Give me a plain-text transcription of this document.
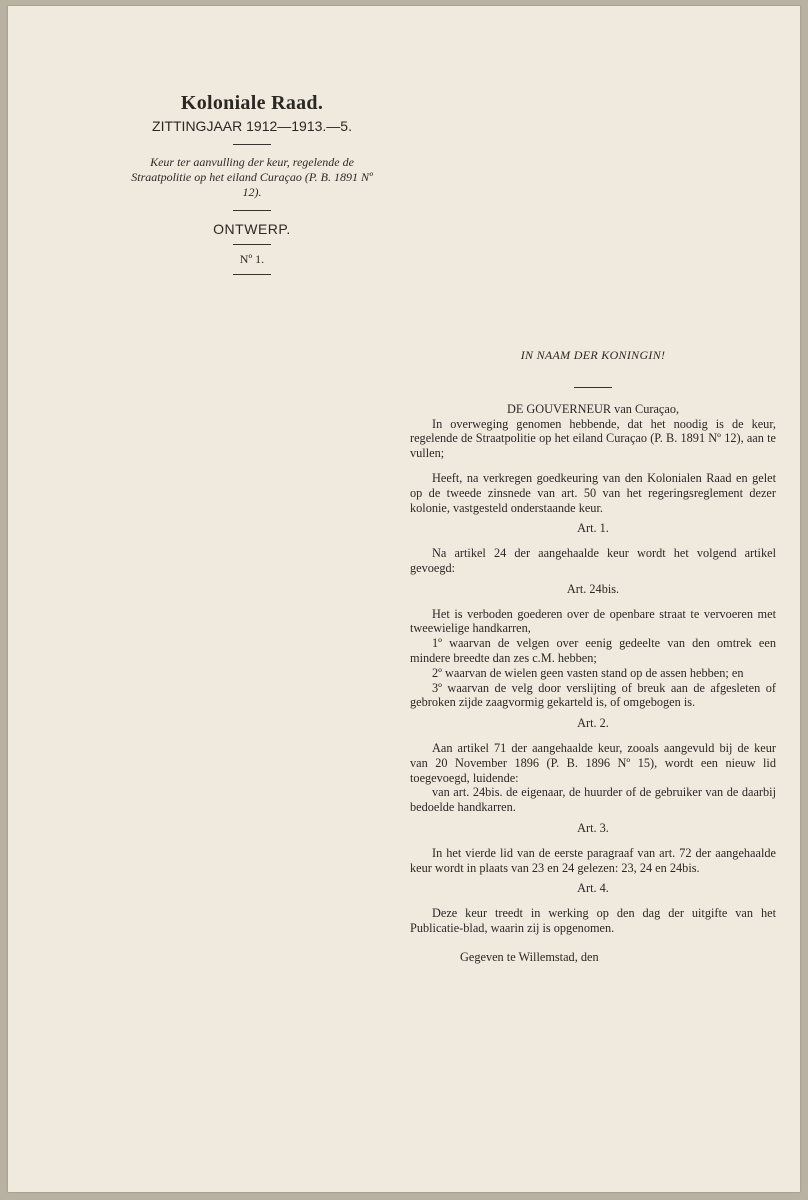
Koloniale Raad.
ZITTINGJAAR 1912—1913.—5.

Keur ter aanvulling der keur, regelende de Straatpolitie op het eiland Curaçao (P. B. 1891 Nº 12).

ONTWERP.
Nº 1.
IN NAAM DER KONINGIN!
DE GOUVERNEUR van Curaçao,

In overweging genomen hebbende, dat het noodig is de keur, regelende de Straatpolitie op het eiland Curaçao (P. B. 1891 Nº 12), aan te vullen;

Heeft, na verkregen goedkeuring van den Kolonialen Raad en gelet op de tweede zinsnede van art. 50 van het regeringsreglement dezer kolonie, vastgesteld onderstaande keur.

Art. 1.

Na artikel 24 der aangehaalde keur wordt het volgend artikel gevoegd:

Art. 24bis.

Het is verboden goederen over de openbare straat te vervoeren met tweewielige handkarren,

1º waarvan de velgen over eenig gedeelte van den omtrek een mindere breedte dan zes c.M. hebben;

2º waarvan de wielen geen vasten stand op de assen hebben; en

3º waarvan de velg door verslijting of breuk aan de afgesleten of gebroken zijde zaagvormig gekarteld is, of omgebogen is.

Art. 2.

Aan artikel 71 der aangehaalde keur, zooals aangevuld bij de keur van 20 November 1896 (P. B. 1896 Nº 15), wordt een nieuw lid toegevoegd, luidende:

van art. 24bis. de eigenaar, de huurder of de gebruiker van de daarbij bedoelde handkarren.

Art. 3.

In het vierde lid van de eerste paragraaf van art. 72 der aangehaalde keur wordt in plaats van 23 en 24 gelezen: 23, 24 en 24bis.

Art. 4.

Deze keur treedt in werking op den dag der uitgifte van het Publicatie-blad, waarin zij is opgenomen.

Gegeven te Willemstad, den
